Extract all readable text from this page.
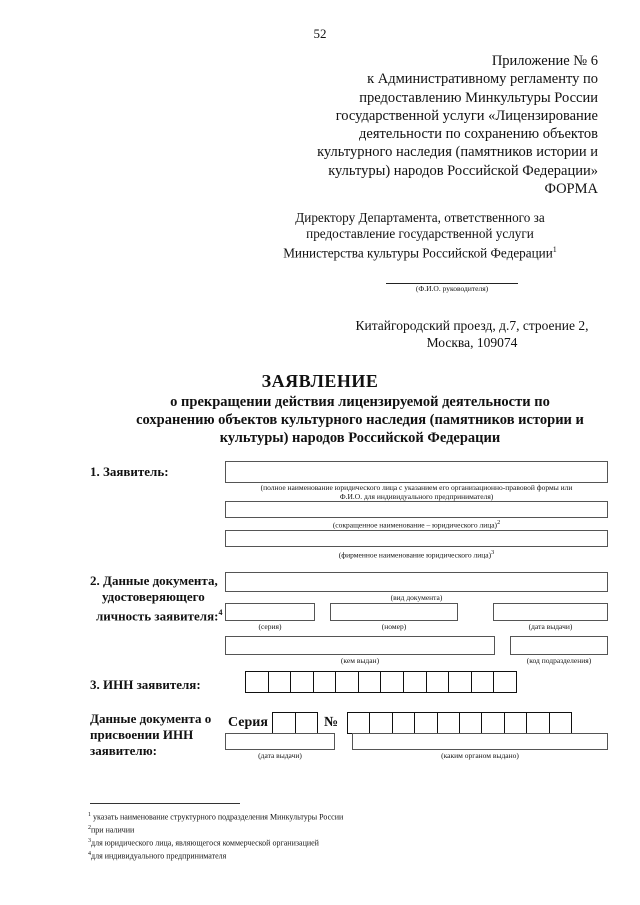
52
Приложение № 6
к Административному регламенту по
предоставлению Минкультуры России
государственной услуги «Лицензирование
деятельности по сохранению объектов
культурного наследия (памятников истории и
культуры) народов Российской Федерации»
ФОРМА
Директору Департамента, ответственного за
предоставление государственной услуги
Министерства культуры Российской Федерации$^1$
(Ф.И.О. руководителя)
Китайгородский проезд, д.7, строение 2,
Москва, 109074
ЗАЯВЛЕНИЕ
о прекращении действия лицензируемой деятельности по
сохранению объектов культурного наследия (памятников истории и
культуры) народов Российской Федерации
1. Заявитель:
(полное наименование юридического лица с указанием его организационно-правовой формы или
Ф.И.О. для индивидуального предпринимателя)
(сокращенное наименование – юридического лица)$^2$
(фирменное наименование юридического лица)$^3$
2. Данные документа,
удостоверяющего
личность заявителя:$^4$
(вид документа)
(серия)	(номер)	(дата выдачи)
(кем выдан)	(код подразделения)
3. ИНН заявителя:
Данные документа о
присвоении ИНН
заявителю:
Серия	№
(дата выдачи)	(каким органом выдано)
$^1$ указать наименование структурного подразделения Минкультуры России
$^2$при наличии
$^3$для юридического лица, являющегося коммерческой организацией
$^4$для индивидуального предпринимателя
